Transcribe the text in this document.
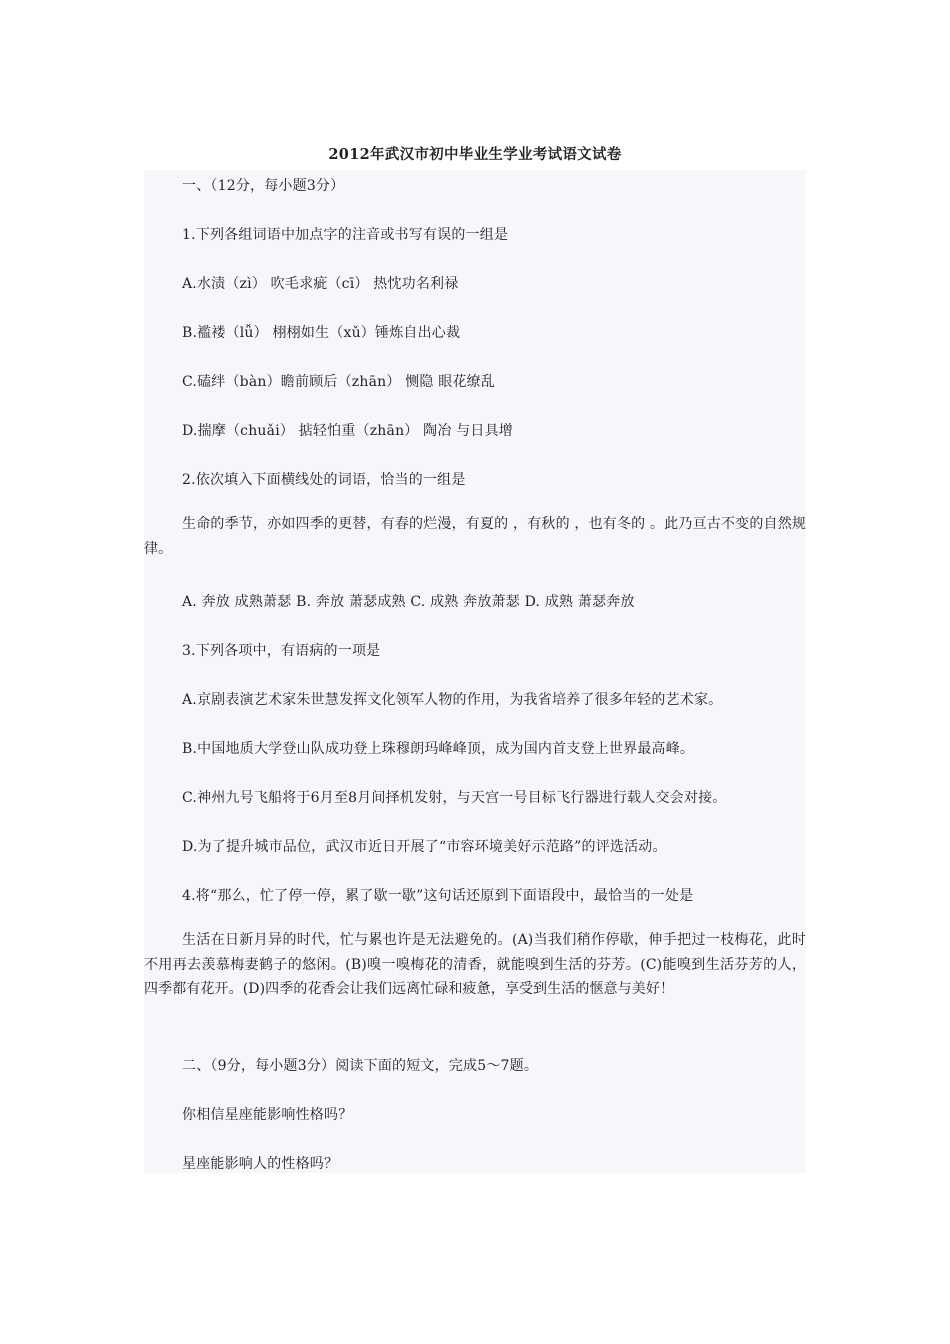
2012年武汉市初中毕业生学业考试语文试卷
一、（12分，每小题3分）
1.下列各组词语中加点字的注音或书写有误的一组是
A.水渍（zì） 吹毛求疵（cī） 热忱功名利禄
B.褴褛（lǚ） 栩栩如生（xǔ）锤炼自出心裁
C.磕绊（bàn）瞻前顾后（zhān） 恻隐 眼花缭乱
D.揣摩（chuǎi） 掂轻怕重（zhān） 陶冶 与日具增
2.依次填入下面横线处的词语，恰当的一组是
生命的季节，亦如四季的更替，有春的烂漫，有夏的 ，有秋的 ，也有冬的 。此乃亘古不变的自然规律。
A. 奔放 成熟萧瑟 B. 奔放 萧瑟成熟 C. 成熟 奔放萧瑟 D. 成熟 萧瑟奔放
3.下列各项中，有语病的一项是
A.京剧表演艺术家朱世慧发挥文化领军人物的作用，为我省培养了很多年轻的艺术家。
B.中国地质大学登山队成功登上珠穆朗玛峰峰顶，成为国内首支登上世界最高峰。
C.神州九号飞船将于6月至8月间择机发射，与天宫一号目标飞行器进行载人交会对接。
D.为了提升城市品位，武汉市近日开展了“市容环境美好示范路”的评选活动。
4.将“那么，忙了停一停，累了歇一歇”这句话还原到下面语段中，最恰当的一处是
生活在日新月异的时代，忙与累也许是无法避免的。(A)当我们稍作停歇，伸手把过一枝梅花，此时不用再去羡慕梅妻鹤子的悠闲。(B)嗅一嗅梅花的清香，就能嗅到生活的芬芳。(C)能嗅到生活芬芳的人，四季都有花开。(D)四季的花香会让我们远离忙碌和疲惫，享受到生活的惬意与美好！
二、（9分，每小题3分）阅读下面的短文，完成5～7题。
你相信星座能影响性格吗？
星座能影响人的性格吗？
